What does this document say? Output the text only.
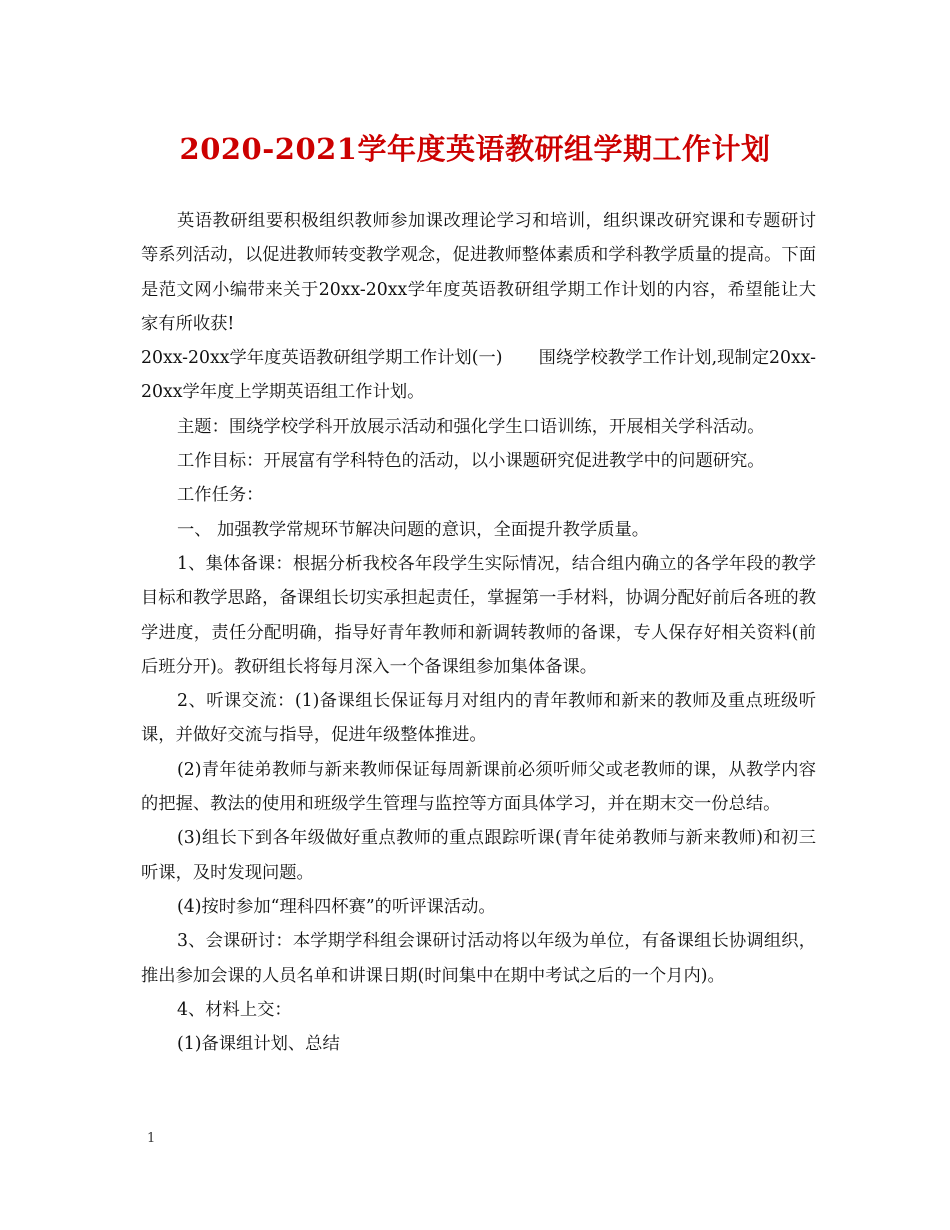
2020-2021学年度英语教研组学期工作计划

英语教研组要积极组织教师参加课改理论学习和培训，组织课改研究课和专题研讨等系列活动，以促进教师转变教学观念，促进教师整体素质和学科教学质量的提高。下面是范文网小编带来关于20xx-20xx学年度英语教研组学期工作计划的内容，希望能让大家有所收获!

20xx-20xx学年度英语教研组学期工作计划(一) 围绕学校教学工作计划,现制定20xx-20xx学年度上学期英语组工作计划。

主题：围绕学校学科开放展示活动和强化学生口语训练，开展相关学科活动。

工作目标：开展富有学科特色的活动，以小课题研究促进教学中的问题研究。

工作任务：

一、 加强教学常规环节解决问题的意识，全面提升教学质量。

1、集体备课：根据分析我校各年段学生实际情况，结合组内确立的各学年段的教学目标和教学思路，备课组长切实承担起责任，掌握第一手材料，协调分配好前后各班的教学进度，责任分配明确，指导好青年教师和新调转教师的备课，专人保存好相关资料(前后班分开)。教研组长将每月深入一个备课组参加集体备课。

2、听课交流：(1)备课组长保证每月对组内的青年教师和新来的教师及重点班级听课，并做好交流与指导，促进年级整体推进。

(2)青年徒弟教师与新来教师保证每周新课前必须听师父或老教师的课，从教学内容的把握、教法的使用和班级学生管理与监控等方面具体学习，并在期末交一份总结。

(3)组长下到各年级做好重点教师的重点跟踪听课(青年徒弟教师与新来教师)和初三听课，及时发现问题。

(4)按时参加“理科四杯赛”的听评课活动。

3、会课研讨：本学期学科组会课研讨活动将以年级为单位，有备课组长协调组织，推出参加会课的人员名单和讲课日期(时间集中在期中考试之后的一个月内)。

4、材料上交：

(1)备课组计划、总结

1
